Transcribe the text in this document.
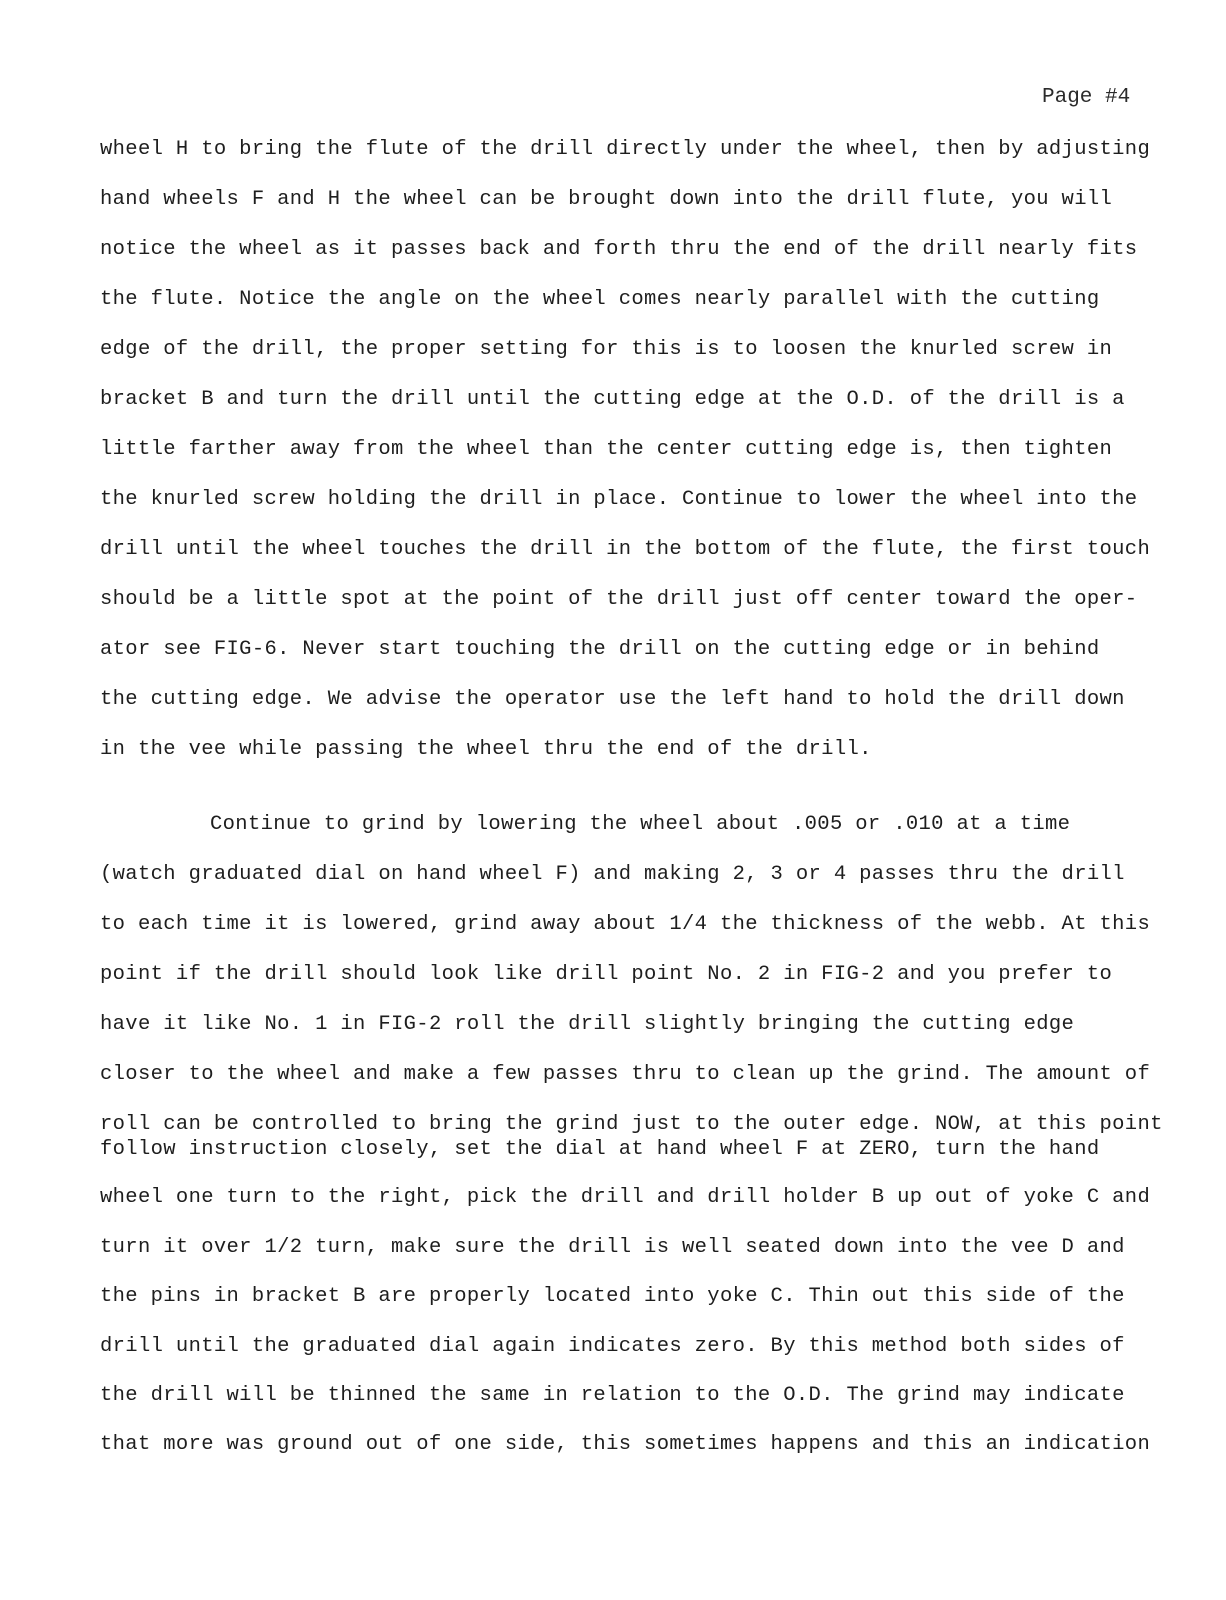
Page #4
wheel H to bring the flute of the drill directly under the wheel, then by adjusting
hand wheels F and H the wheel can be brought down into the drill flute, you will
notice the wheel as it passes back and forth thru the end of the drill nearly fits
the flute. Notice the angle on the wheel comes nearly parallel with the cutting
edge of the drill, the proper setting for this is to loosen the knurled screw in
bracket B and turn the drill until the cutting edge at the O.D. of the drill is a
little farther away from the wheel than the center cutting edge is, then tighten
the knurled screw holding the drill in place. Continue to lower the wheel into the
drill until the wheel touches the drill in the bottom of the flute, the first touch
should be a little spot at the point of the drill just off center toward the oper-
ator see FIG-6. Never start touching the drill on the cutting edge or in behind
the cutting edge. We advise the operator use the left hand to hold the drill down
in the vee while passing the wheel thru the end of the drill.
Continue to grind by lowering the wheel about .005 or .010 at a time
(watch graduated dial on hand wheel F) and making 2, 3 or 4 passes thru the drill
to each time it is lowered, grind away about 1/4 the thickness of the webb. At this
point if the drill should look like drill point No. 2 in FIG-2 and you prefer to
have it like No. 1 in FIG-2 roll the drill slightly bringing the cutting edge
closer to the wheel and make a few passes thru to clean up the grind. The amount of
roll can be controlled to bring the grind just to the outer edge. NOW, at this point
follow instruction closely, set the dial at hand wheel F at ZERO, turn the hand
wheel one turn to the right, pick the drill and drill holder B up out of yoke C and
turn it over 1/2 turn, make sure the drill is well seated down into the vee D and
the pins in bracket B are properly located into yoke C. Thin out this side of the
drill until the graduated dial again indicates zero. By this method both sides of
the drill will be thinned the same in relation to the O.D. The grind may indicate
that more was ground out of one side, this sometimes happens and this an indication
